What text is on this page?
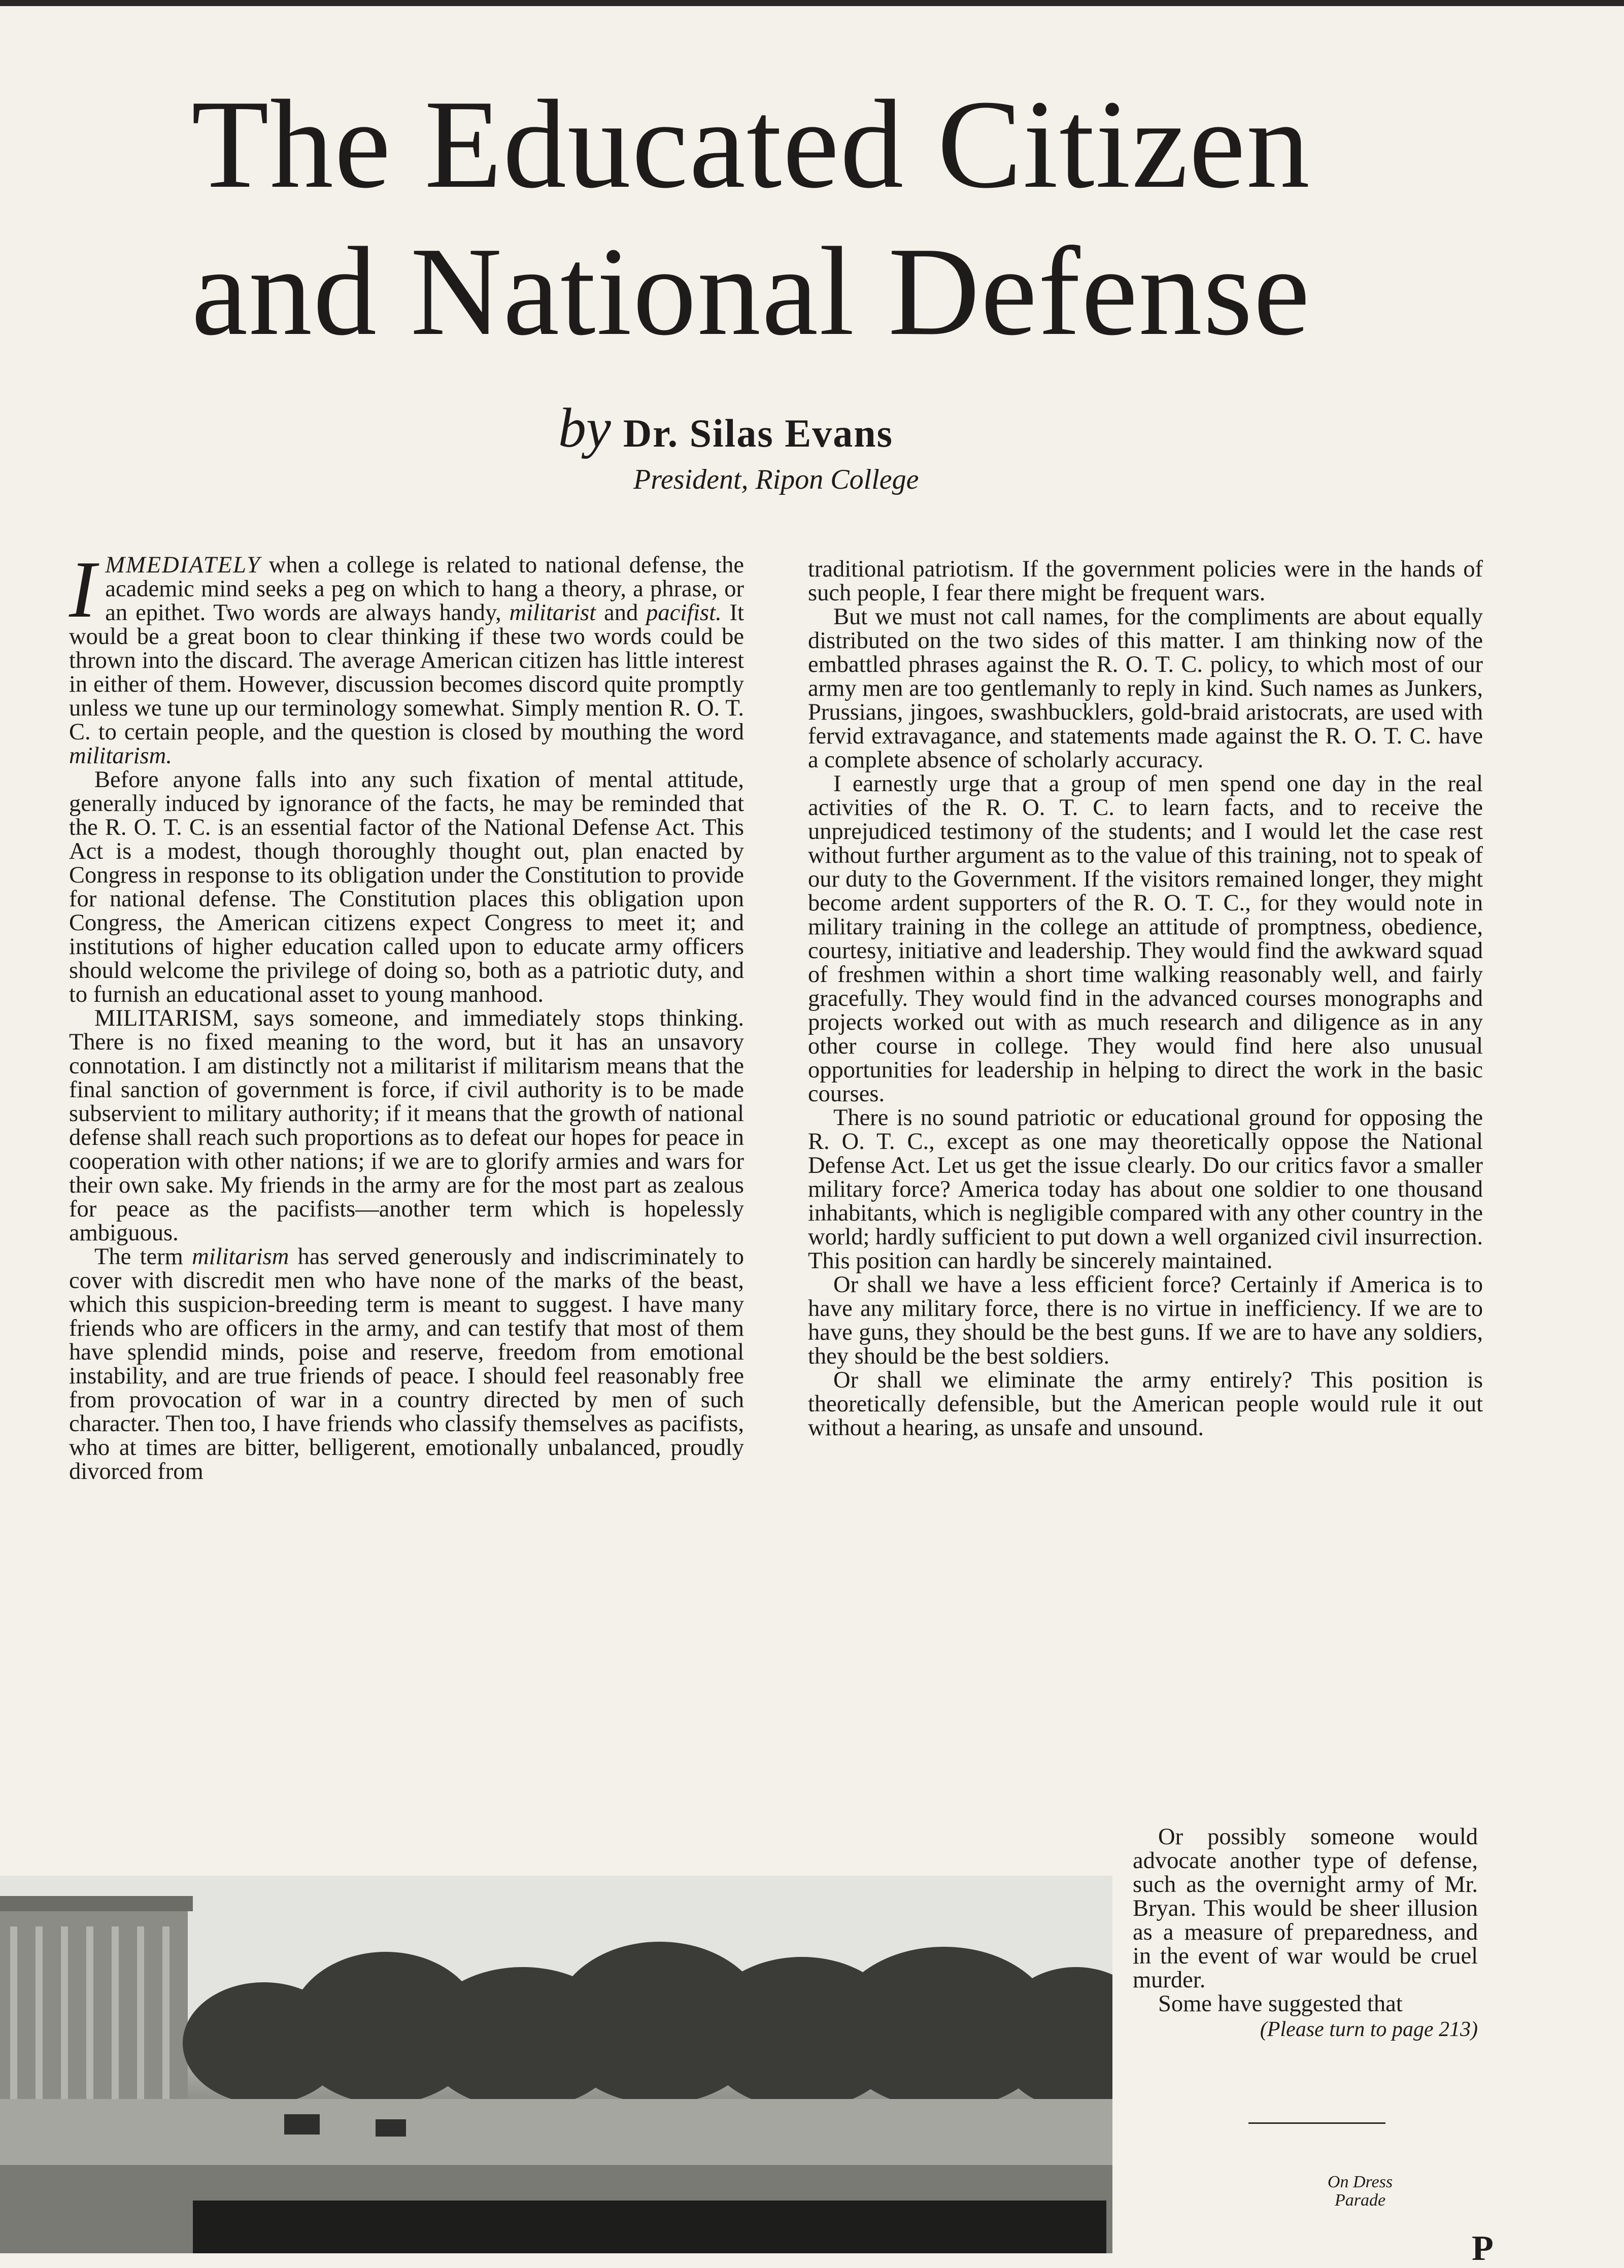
The Educated Citizen
and National Defense
by Dr. Silas Evans
President, Ripon College

IMMEDIATELY when a college is related to national defense, the academic mind seeks a peg on which to hang a theory, a phrase, or an epithet. Two words are always handy, militarist and pacifist. It would be a great boon to clear thinking if these two words could be thrown into the discard. The average American citizen has little interest in either of them. However, discussion becomes discord quite promptly unless we tune up our terminology somewhat. Simply mention R. O. T. C. to certain people, and the question is closed by mouthing the word militarism.

Before anyone falls into any such fixation of mental attitude, generally induced by ignorance of the facts, he may be reminded that the R. O. T. C. is an essential factor of the National Defense Act. This Act is a modest, though thoroughly thought out, plan enacted by Congress in response to its obligation under the Constitution to provide for national defense. The Constitution places this obligation upon Congress, the American citizens expect Congress to meet it; and institutions of higher education called upon to educate army officers should welcome the privilege of doing so, both as a patriotic duty, and to furnish an educational asset to young manhood.

MILITARISM, says someone, and immediately stops thinking. There is no fixed meaning to the word, but it has an unsavory connotation. I am distinctly not a militarist if militarism means that the final sanction of government is force, if civil authority is to be made subservient to military authority; if it means that the growth of national defense shall reach such proportions as to defeat our hopes for peace in cooperation with other nations; if we are to glorify armies and wars for their own sake. My friends in the army are for the most part as zealous for peace as the pacifists—another term which is hopelessly ambiguous.

The term militarism has served generously and indiscriminately to cover with discredit men who have none of the marks of the beast, which this suspicion-breeding term is meant to suggest. I have many friends who are officers in the army, and can testify that most of them have splendid minds, poise and reserve, freedom from emotional instability, and are true friends of peace. I should feel reasonably free from provocation of war in a country directed by men of such character. Then too, I have friends who classify themselves as pacifists, who at times are bitter, belligerent, emotionally unbalanced, proudly divorced from

traditional patriotism. If the government policies were in the hands of such people, I fear there might be frequent wars.

But we must not call names, for the compliments are about equally distributed on the two sides of this matter. I am thinking now of the embattled phrases against the R. O. T. C. policy, to which most of our army men are too gentlemanly to reply in kind. Such names as Junkers, Prussians, jingoes, swashbucklers, gold-braid aristocrats, are used with fervid extravagance, and statements made against the R. O. T. C. have a complete absence of scholarly accuracy.

I earnestly urge that a group of men spend one day in the real activities of the R. O. T. C. to learn facts, and to receive the unprejudiced testimony of the students; and I would let the case rest without further argument as to the value of this training, not to speak of our duty to the Government. If the visitors remained longer, they might become ardent supporters of the R. O. T. C., for they would note in military training in the college an attitude of promptness, obedience, courtesy, initiative and leadership. They would find the awkward squad of freshmen within a short time walking reasonably well, and fairly gracefully. They would find in the advanced courses monographs and projects worked out with as much research and diligence as in any other course in college. They would find here also unusual opportunities for leadership in helping to direct the work in the basic courses.

There is no sound patriotic or educational ground for opposing the R. O. T. C., except as one may theoretically oppose the National Defense Act. Let us get the issue clearly. Do our critics favor a smaller military force? America today has about one soldier to one thousand inhabitants, which is negligible compared with any other country in the world; hardly sufficient to put down a well organized civil insurrection. This position can hardly be sincerely maintained.

Or shall we have a less efficient force? Certainly if America is to have any military force, there is no virtue in inefficiency. If we are to have guns, they should be the best guns. If we are to have any soldiers, they should be the best soldiers.

Or shall we eliminate the army entirely? This position is theoretically defensible, but the American people would rule it out without a hearing, as unsafe and unsound.

Or possibly someone would advocate another type of defense, such as the overnight army of Mr. Bryan. This would be sheer illusion as a measure of preparedness, and in the event of war would be cruel murder.

Some have suggested that

(Please turn to page 213)
On Dress
Parade
P
